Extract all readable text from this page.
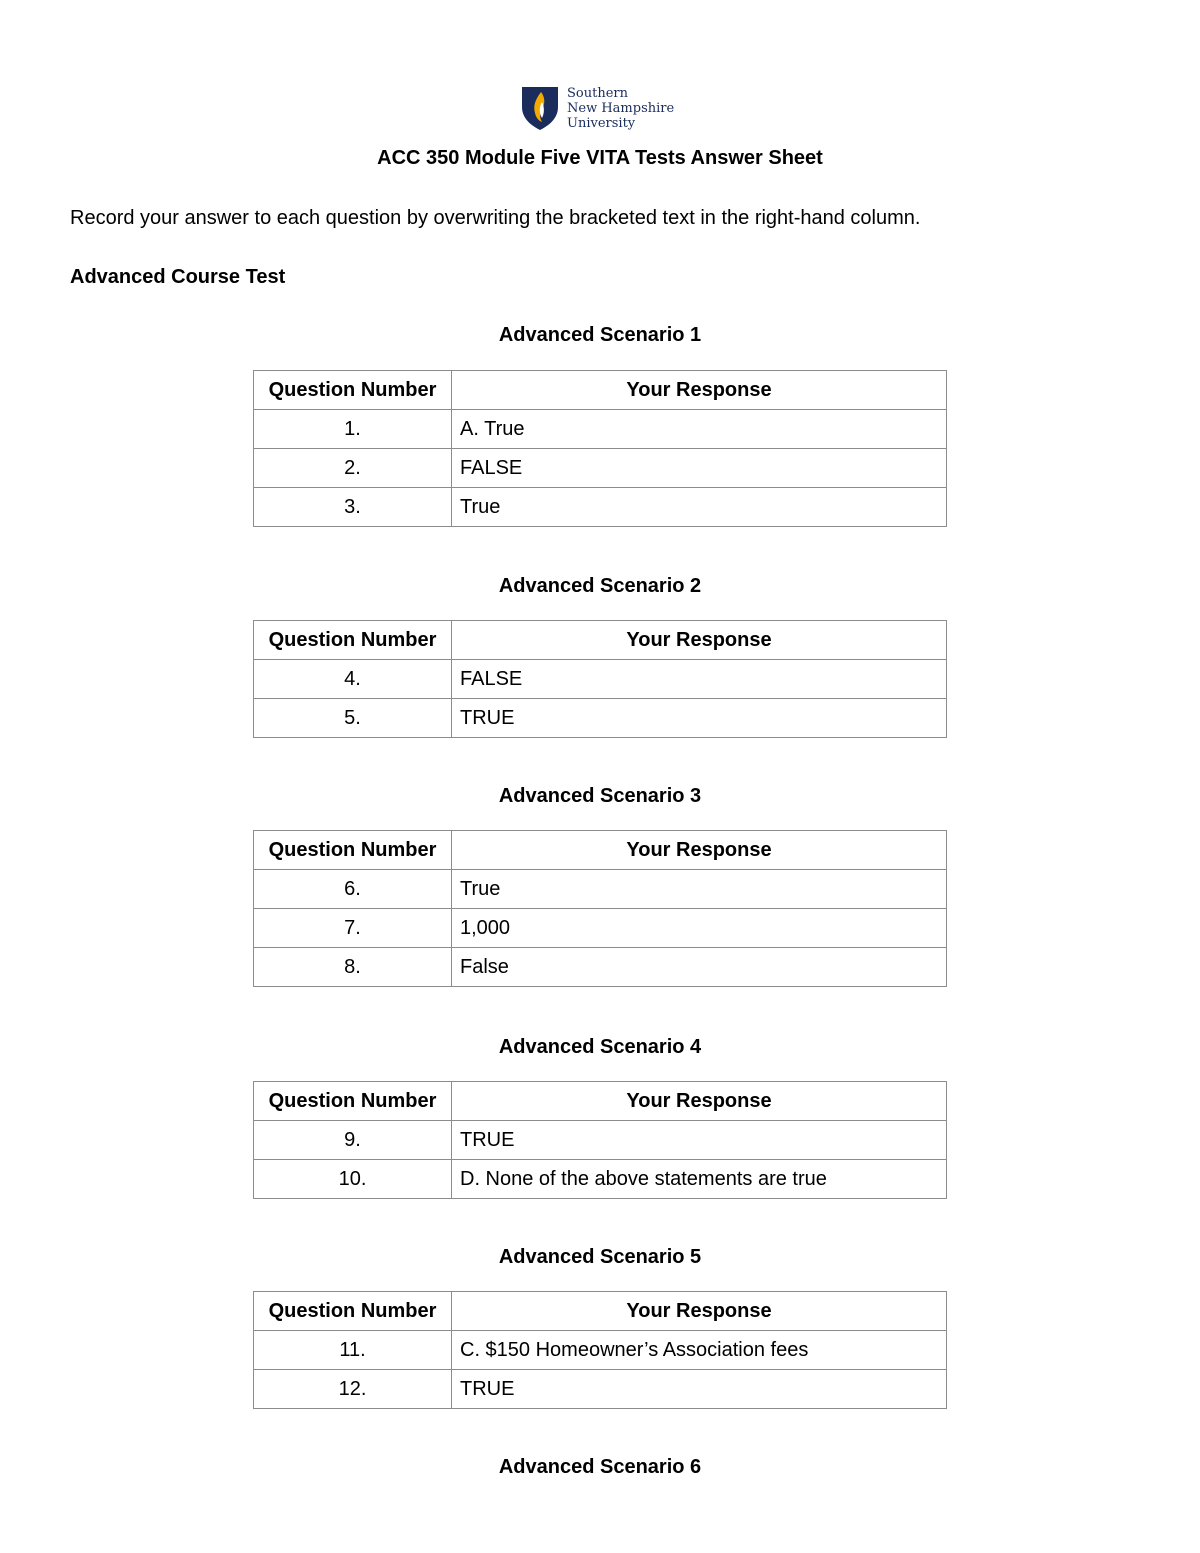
Southern
New Hampshire
University
ACC 350 Module Five VITA Tests Answer Sheet
Record your answer to each question by overwriting the bracketed text in the right-hand column.
Advanced Course Test
Advanced Scenario 1
Question Number	Your Response
1.	A. True
2.	FALSE
3.	True
Advanced Scenario 2
Question Number	Your Response
4.	FALSE
5.	TRUE
Advanced Scenario 3
Question Number	Your Response
6.	True
7.	1,000
8.	False
Advanced Scenario 4
Question Number	Your Response
9.	TRUE
10.	D. None of the above statements are true
Advanced Scenario 5
Question Number	Your Response
11.	C. $150 Homeowner’s Association fees
12.	TRUE
Advanced Scenario 6
